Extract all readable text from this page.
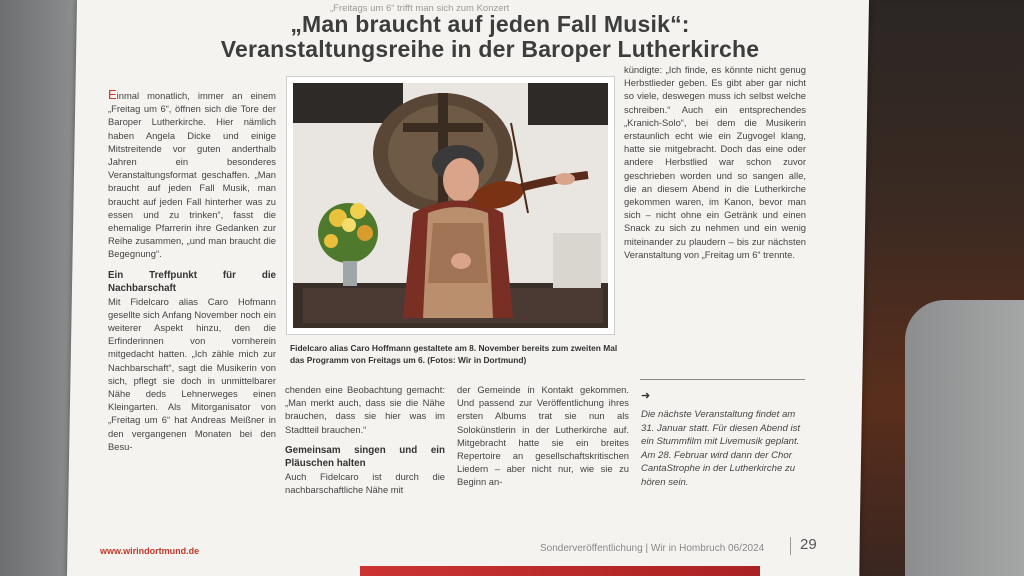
„Freitags um 6“ trifft man sich zum Konzert
„Man braucht auf jeden Fall Musik“:
Veranstaltungsreihe in der Baroper Lutherkirche
Einmal monatlich, immer an einem „Freitag um 6“, öffnen sich die Tore der Baroper Lutherkirche. Hier nämlich haben Angela Dicke und einige Mitstreitende vor guten anderthalb Jahren ein besonderes Veranstaltungsformat geschaffen. „Man braucht auf jeden Fall Musik, man braucht auf jeden Fall hinterher was zu essen und zu trinken“, fasst die ehemalige Pfarrerin ihre Gedanken zur Reihe zusammen, „und man braucht die Begegnung“.
Ein Treffpunkt für die Nachbarschaft
Mit Fidelcaro alias Caro Hofmann gesellte sich Anfang November noch ein weiterer Aspekt hinzu, den die Erfinderinnen von vornherein mitgedacht hatten. „Ich zähle mich zur Nachbarschaft“, sagt die Musikerin von sich, pflegt sie doch in unmittelbarer Nähe deds Lehnerweges einen Kleingarten. Als Mitorganisator von „Freitag um 6“ hat Andreas Meißner in den vergangenen Monaten bei den Besu-
Fidelcaro alias Caro Hoffmann gestaltete am 8. November bereits zum zweiten Mal das Programm von Freitags um 6. (Fotos: Wir in Dortmund)
chenden eine Beobachtung gemacht: „Man merkt auch, dass sie die Nähe brauchen, dass sie hier was im Stadtteil brauchen.“
Gemeinsam singen und ein Pläuschen halten
Auch Fidelcaro ist durch die nachbarschaftliche Nähe mit
der Gemeinde in Kontakt gekommen. Und passend zur Veröffentlichung ihres ersten Albums trat sie nun als Solokünstlerin in der Lutherkirche auf. Mitgebracht hatte sie ein breites Repertoire an gesellschaftskritischen Liedern – aber nicht nur, wie sie zu Beginn an-
kündigte: „Ich finde, es könnte nicht genug Herbstlieder geben. Es gibt aber gar nicht so viele, deswegen muss ich selbst welche schreiben.“ Auch ein entsprechendes „Kranich-Solo“, bei dem die Musikerin erstaunlich echt wie ein Zugvogel klang, hatte sie mitgebracht. Doch das eine oder andere Herbstlied war schon zuvor geschrieben worden und so sangen alle, die an diesem Abend in die Lutherkirche gekommen waren, im Kanon, bevor man sich – nicht ohne ein Getränk und einen Snack zu sich zu nehmen und ein wenig miteinander zu plaudern – bis zur nächsten Veranstaltung von „Freitag um 6“ trennte.
➜
Die nächste Veranstaltung findet am 31. Januar statt. Für diesen Abend ist ein Stummfilm mit Livemusik geplant. Am 28. Februar wird dann der Chor CantaStrophe in der Lutherkirche zu hören sein.
www.wirindortmund.de	Sonderveröffentlichung | Wir in Hombruch 06/2024 29
